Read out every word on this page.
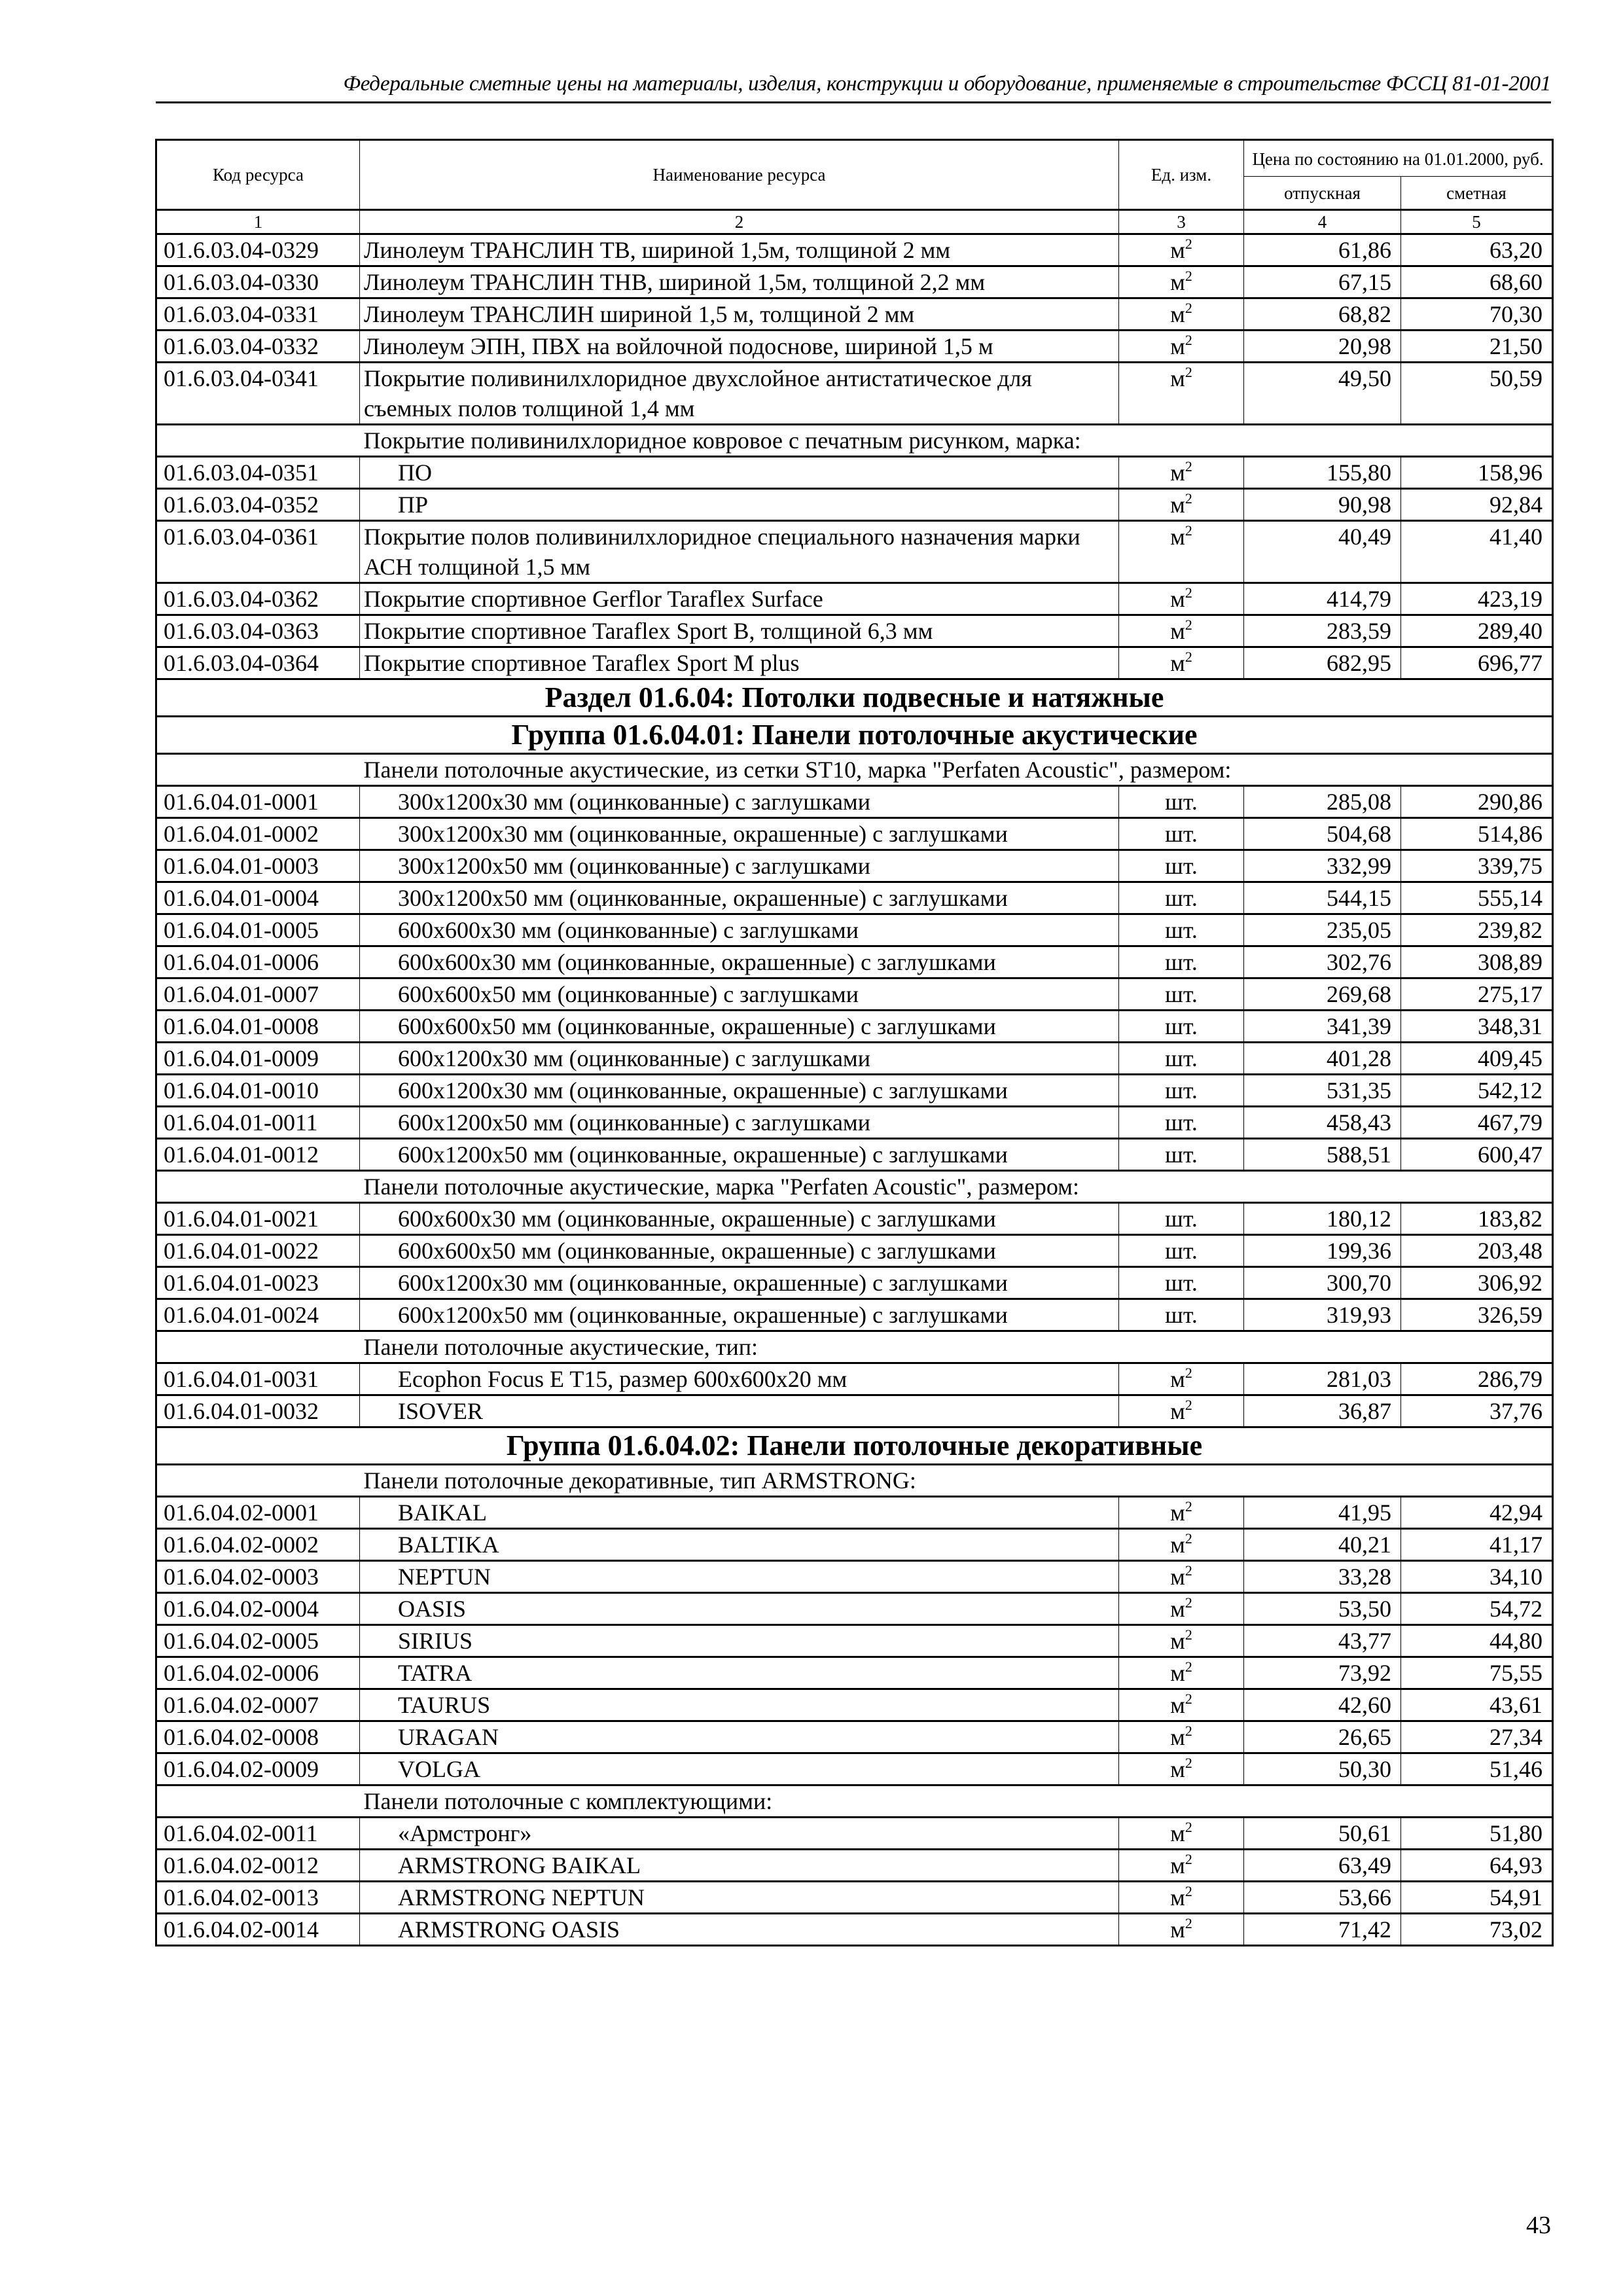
Федеральные сметные цены на материалы, изделия, конструкции и оборудование, применяемые в строительстве ФССЦ 81-01-2001
Код ресурса	Наименование ресурса	Ед. изм.	Цена по состоянию на 01.01.2000, руб.	
			отпускная	сметная
1	2	3	4	5
01.6.03.04-0329	Линолеум ТРАНСЛИН ТВ, шириной 1,5м, толщиной 2 мм	$м^2$	61,86	63,20
01.6.03.04-0330	Линолеум ТРАНСЛИН ТНВ, шириной 1,5м, толщиной 2,2 мм	$м^2$	67,15	68,60
01.6.03.04-0331	Линолеум ТРАНСЛИН шириной 1,5 м, толщиной 2 мм	$м^2$	68,82	70,30
01.6.03.04-0332	Линолеум ЭПН, ПВХ на войлочной подоснове, шириной 1,5 м	$м^2$	20,98	21,50
01.6.03.04-0341	Покрытие поливинилхлоридное двухслойное антистатическое для съемных полов толщиной 1,4 мм	$м^2$	49,50	50,59
	Покрытие поливинилхлоридное ковровое с печатным рисунком, марка:			
01.6.03.04-0351	ПО	$м^2$	155,80	158,96
01.6.03.04-0352	ПР	$м^2$	90,98	92,84
01.6.03.04-0361	Покрытие полов поливинилхлоридное специального назначения марки АСН толщиной 1,5 мм	$м^2$	40,49	41,40
01.6.03.04-0362	Покрытие спортивное Gerflor Taraflex Surface	$м^2$	414,79	423,19
01.6.03.04-0363	Покрытие спортивное Taraflex Sport B, толщиной 6,3 мм	$м^2$	283,59	289,40
01.6.03.04-0364	Покрытие спортивное Taraflex Sport M plus	$м^2$	682,95	696,77
Раздел 01.6.04: Потолки подвесные и натяжные				
Группа 01.6.04.01: Панели потолочные акустические				
	Панели потолочные акустические, из сетки ST10, марка "Perfaten Acoustic", размером:			
01.6.04.01-0001	300x1200x30 мм (оцинкованные) с заглушками	шт.	285,08	290,86
01.6.04.01-0002	300x1200x30 мм (оцинкованные, окрашенные) с заглушками	шт.	504,68	514,86
01.6.04.01-0003	300x1200x50 мм (оцинкованные) с заглушками	шт.	332,99	339,75
01.6.04.01-0004	300x1200x50 мм (оцинкованные, окрашенные) с заглушками	шт.	544,15	555,14
01.6.04.01-0005	600x600x30 мм (оцинкованные) с заглушками	шт.	235,05	239,82
01.6.04.01-0006	600x600x30 мм (оцинкованные, окрашенные) с заглушками	шт.	302,76	308,89
01.6.04.01-0007	600x600x50 мм (оцинкованные) с заглушками	шт.	269,68	275,17
01.6.04.01-0008	600x600x50 мм (оцинкованные, окрашенные) с заглушками	шт.	341,39	348,31
01.6.04.01-0009	600x1200x30 мм (оцинкованные) с заглушками	шт.	401,28	409,45
01.6.04.01-0010	600x1200x30 мм (оцинкованные, окрашенные) с заглушками	шт.	531,35	542,12
01.6.04.01-0011	600x1200x50 мм (оцинкованные) с заглушками	шт.	458,43	467,79
01.6.04.01-0012	600x1200x50 мм (оцинкованные, окрашенные) с заглушками	шт.	588,51	600,47
	Панели потолочные акустические, марка "Perfaten Acoustic", размером:			
01.6.04.01-0021	600x600x30 мм (оцинкованные, окрашенные) с заглушками	шт.	180,12	183,82
01.6.04.01-0022	600x600x50 мм (оцинкованные, окрашенные) с заглушками	шт.	199,36	203,48
01.6.04.01-0023	600x1200x30 мм (оцинкованные, окрашенные) с заглушками	шт.	300,70	306,92
01.6.04.01-0024	600x1200x50 мм (оцинкованные, окрашенные) с заглушками	шт.	319,93	326,59
	Панели потолочные акустические, тип:			
01.6.04.01-0031	Ecophon Focus E T15, размер 600x600x20 мм	$м^2$	281,03	286,79
01.6.04.01-0032	ISOVER	$м^2$	36,87	37,76
Группа 01.6.04.02: Панели потолочные декоративные				
	Панели потолочные декоративные, тип ARMSTRONG:			
01.6.04.02-0001	BAIKAL	$м^2$	41,95	42,94
01.6.04.02-0002	BALTIKA	$м^2$	40,21	41,17
01.6.04.02-0003	NEPTUN	$м^2$	33,28	34,10
01.6.04.02-0004	OASIS	$м^2$	53,50	54,72
01.6.04.02-0005	SIRIUS	$м^2$	43,77	44,80
01.6.04.02-0006	TATRA	$м^2$	73,92	75,55
01.6.04.02-0007	TAURUS	$м^2$	42,60	43,61
01.6.04.02-0008	URAGAN	$м^2$	26,65	27,34
01.6.04.02-0009	VOLGA	$м^2$	50,30	51,46
	Панели потолочные с комплектующими:			
01.6.04.02-0011	«Армстронг»	$м^2$	50,61	51,80
01.6.04.02-0012	ARMSTRONG BAIKAL	$м^2$	63,49	64,93
01.6.04.02-0013	ARMSTRONG NEPTUN	$м^2$	53,66	54,91
01.6.04.02-0014	ARMSTRONG OASIS	$м^2$	71,42	73,02
43
